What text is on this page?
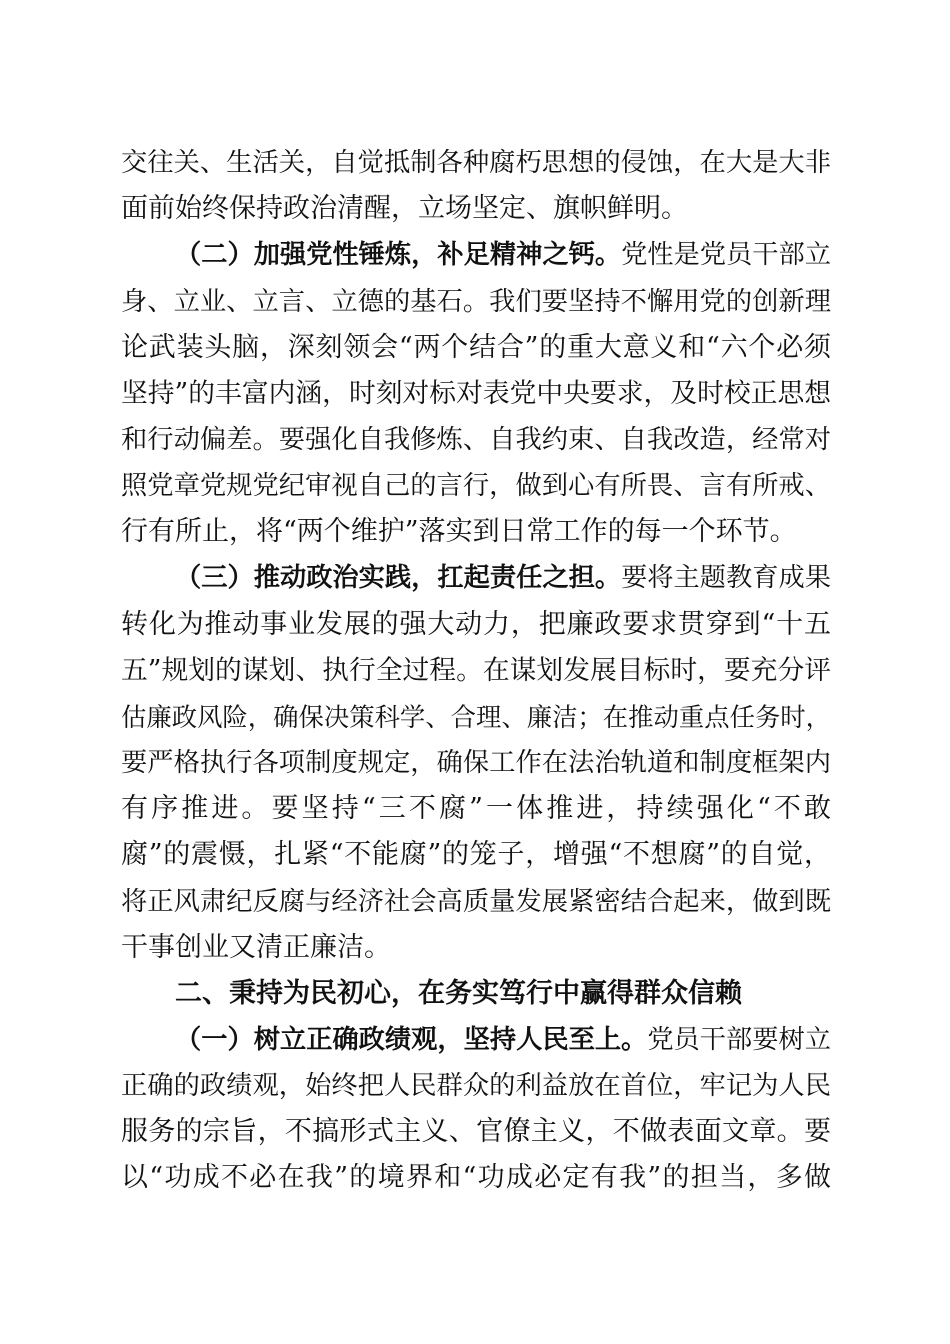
交往关、生活关，自觉抵制各种腐朽思想的侵蚀，在大是大非
面前始终保持政治清醒，立场坚定、旗帜鲜明。
（二）加强党性锤炼，补足精神之钙。党性是党员干部立
身、立业、立言、立德的基石。我们要坚持不懈用党的创新理
论武装头脑，深刻领会“两个结合”的重大意义和“六个必须
坚持”的丰富内涵，时刻对标对表党中央要求，及时校正思想
和行动偏差。要强化自我修炼、自我约束、自我改造，经常对
照党章党规党纪审视自己的言行，做到心有所畏、言有所戒、
行有所止，将“两个维护”落实到日常工作的每一个环节。
（三）推动政治实践，扛起责任之担。要将主题教育成果
转化为推动事业发展的强大动力，把廉政要求贯穿到“十五
五”规划的谋划、执行全过程。在谋划发展目标时，要充分评
估廉政风险，确保决策科学、合理、廉洁；在推动重点任务时，
要严格执行各项制度规定，确保工作在法治轨道和制度框架内
有序推进。要坚持“三不腐”一体推进，持续强化“不敢
腐”的震慑，扎紧“不能腐”的笼子，增强“不想腐”的自觉，
将正风肃纪反腐与经济社会高质量发展紧密结合起来，做到既
干事创业又清正廉洁。
二、秉持为民初心，在务实笃行中赢得群众信赖
（一）树立正确政绩观，坚持人民至上。党员干部要树立
正确的政绩观，始终把人民群众的利益放在首位，牢记为人民
服务的宗旨，不搞形式主义、官僚主义，不做表面文章。要
以“功成不必在我”的境界和“功成必定有我”的担当，多做
